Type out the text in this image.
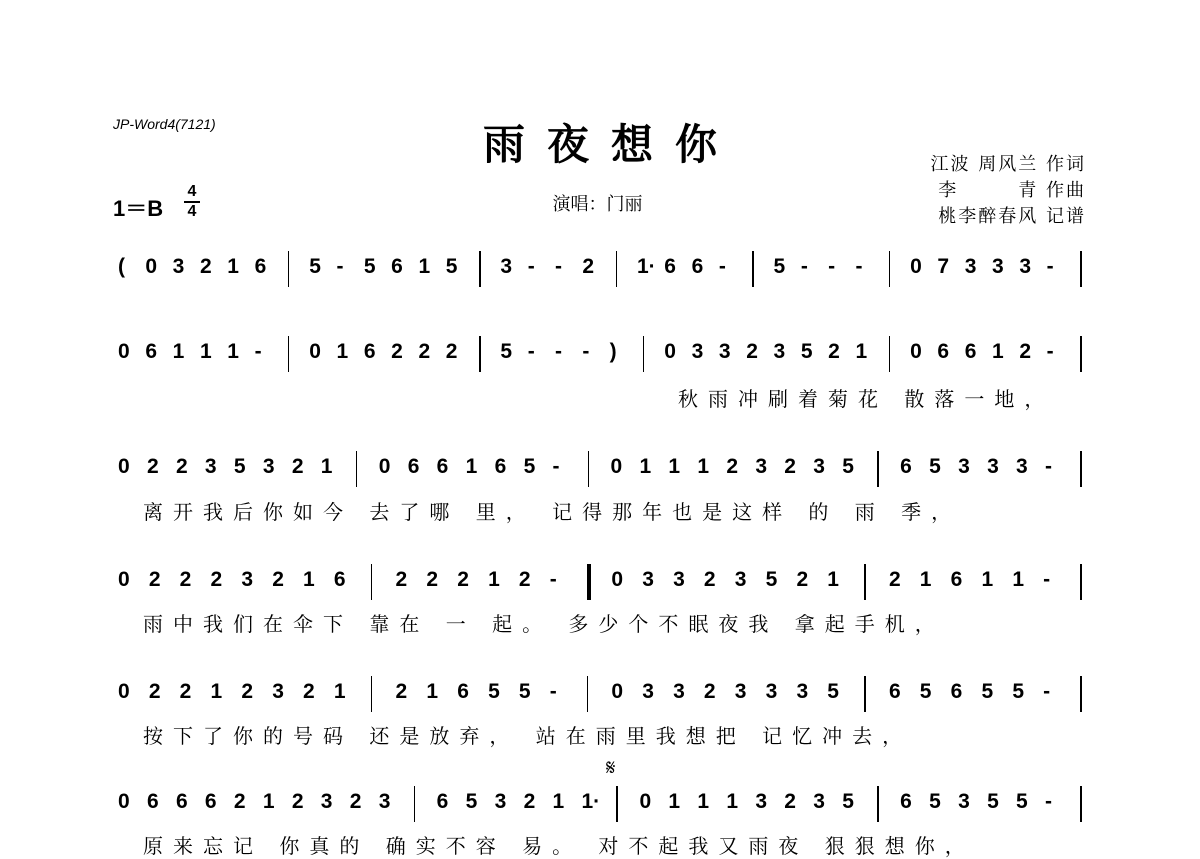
JP-Word4(7121)	雨夜想你
1＝B
4
4	演唱：门丽
江波 周风兰 作词
李　　　青 作曲
桃李醉春风 记谱
( 0 3 2 1 6 5 - 5 6 1 5 3 - - 2 1· 6 6 - 5 - - - 0 7 3 3 3 -
0 6 1 1 1 - 0 1 6 2 2 2 5 - - - ) 0 3 3 2 3 5 2 1 0 6 6 1 2 -
秋雨冲刷着菊花 散落一地，
0 2 2 3 5 3 2 1 0 6 6 1 6 5 - 0 1 1 1 2 3 2 3 5 6 5 3 3 3 -
离开我后你如今 去了哪 里， 记得那年也是这样 的 雨 季，
0 2 2 2 3 2 1 6 2 2 2 1 2 -	0 3 3 2 3 5 2 1 2 1 6 1 1 -
雨中我们在伞下 靠在 一 起。 多少个不眠夜我 拿起手机，
0 2 2 1 2 3 2 1 2 1 6 5 5 -	0 3 3 2 3 3 3 5 6 5 6 5 5 -
按下了你的号码 还是放弃， 站在雨里我想把 记忆冲去，
0 6 6 6 2 1 2 3 2 3 6 5 3 2 1 1· 0 1 1 1 3 2 3 5 6 5 3 5 5 -
原来忘记 你真的 确实不容 易。 对不起我又雨夜 狠狠想你，
𝄋
